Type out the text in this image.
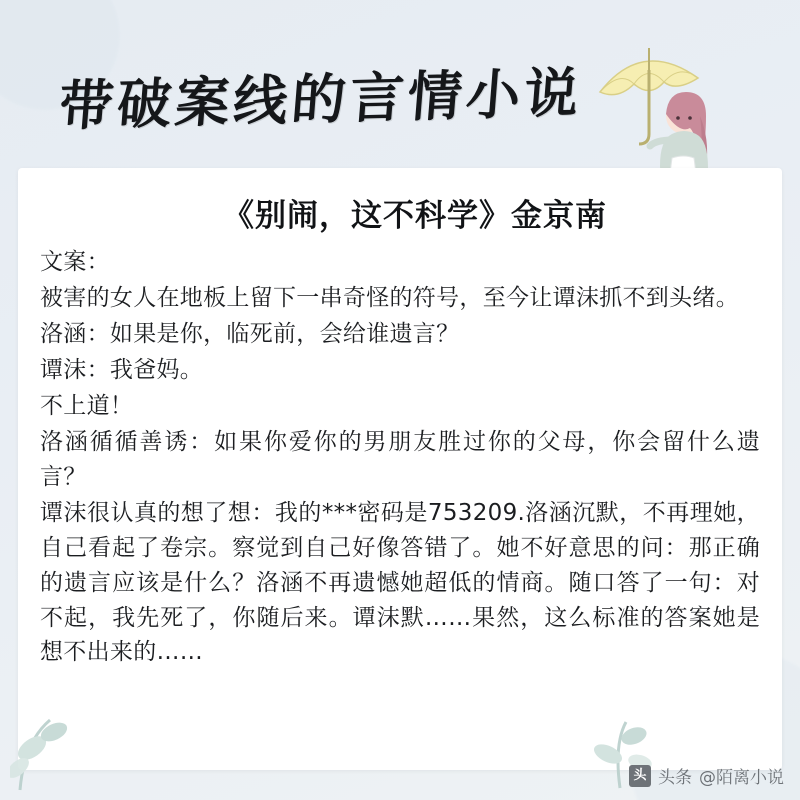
带破案线的言情小说
《别闹，这不科学》金京南

文案：

被害的女人在地板上留下一串奇怪的符号，至今让谭沫抓不到头绪。

洛涵：如果是你，临死前，会给谁遗言？

谭沫：我爸妈。

不上道！

洛涵循循善诱：如果你爱你的男朋友胜过你的父母，你会留什么遗言？

谭沫很认真的想了想：我的***密码是753209.洛涵沉默，不再理她，自己看起了卷宗。察觉到自己好像答错了。她不好意思的问：那正确的遗言应该是什么？洛涵不再遗憾她超低的情商。随口答了一句：对不起，我先死了，你随后来。谭沫默……果然，这么标准的答案她是想不出来的……

头 头条 @陌离小说
